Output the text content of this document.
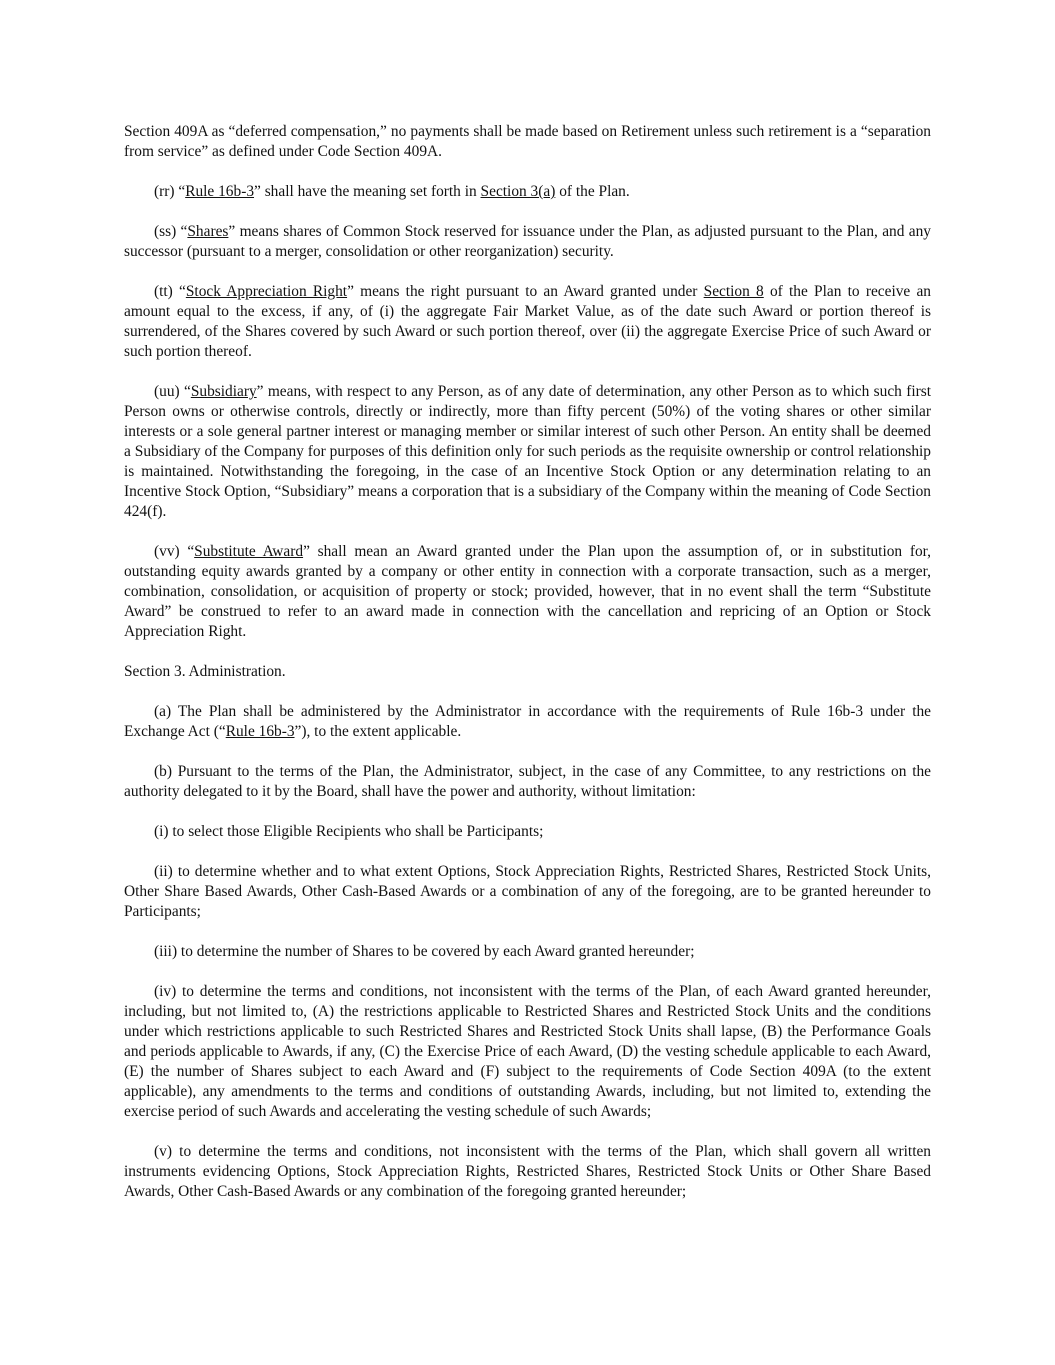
Section 409A as “deferred compensation,” no payments shall be made based on Retirement unless such retirement is a “separation from service” as defined under Code Section 409A.

(rr) “Rule 16b-3” shall have the meaning set forth in Section 3(a) of the Plan.

(ss) “Shares” means shares of Common Stock reserved for issuance under the Plan, as adjusted pursuant to the Plan, and any successor (pursuant to a merger, consolidation or other reorganization) security.

(tt) “Stock Appreciation Right” means the right pursuant to an Award granted under Section 8 of the Plan to receive an amount equal to the excess, if any, of (i) the aggregate Fair Market Value, as of the date such Award or portion thereof is surrendered, of the Shares covered by such Award or such portion thereof, over (ii) the aggregate Exercise Price of such Award or such portion thereof.

(uu) “Subsidiary” means, with respect to any Person, as of any date of determination, any other Person as to which such first Person owns or otherwise controls, directly or indirectly, more than fifty percent (50%) of the voting shares or other similar interests or a sole general partner interest or managing member or similar interest of such other Person. An entity shall be deemed a Subsidiary of the Company for purposes of this definition only for such periods as the requisite ownership or control relationship is maintained. Notwithstanding the foregoing, in the case of an Incentive Stock Option or any determination relating to an Incentive Stock Option, “Subsidiary” means a corporation that is a subsidiary of the Company within the meaning of Code Section 424(f).

(vv) “Substitute Award” shall mean an Award granted under the Plan upon the assumption of, or in substitution for, outstanding equity awards granted by a company or other entity in connection with a corporate transaction, such as a merger, combination, consolidation, or acquisition of property or stock; provided, however, that in no event shall the term “Substitute Award” be construed to refer to an award made in connection with the cancellation and repricing of an Option or Stock Appreciation Right.

Section 3. Administration.

(a) The Plan shall be administered by the Administrator in accordance with the requirements of Rule 16b-3 under the Exchange Act (“Rule 16b-3”), to the extent applicable.

(b) Pursuant to the terms of the Plan, the Administrator, subject, in the case of any Committee, to any restrictions on the authority delegated to it by the Board, shall have the power and authority, without limitation:

(i) to select those Eligible Recipients who shall be Participants;

(ii) to determine whether and to what extent Options, Stock Appreciation Rights, Restricted Shares, Restricted Stock Units, Other Share Based Awards, Other Cash-Based Awards or a combination of any of the foregoing, are to be granted hereunder to Participants;

(iii) to determine the number of Shares to be covered by each Award granted hereunder;

(iv) to determine the terms and conditions, not inconsistent with the terms of the Plan, of each Award granted hereunder, including, but not limited to, (A) the restrictions applicable to Restricted Shares and Restricted Stock Units and the conditions under which restrictions applicable to such Restricted Shares and Restricted Stock Units shall lapse, (B) the Performance Goals and periods applicable to Awards, if any, (C) the Exercise Price of each Award, (D) the vesting schedule applicable to each Award, (E) the number of Shares subject to each Award and (F) subject to the requirements of Code Section 409A (to the extent applicable), any amendments to the terms and conditions of outstanding Awards, including, but not limited to, extending the exercise period of such Awards and accelerating the vesting schedule of such Awards;

(v) to determine the terms and conditions, not inconsistent with the terms of the Plan, which shall govern all written instruments evidencing Options, Stock Appreciation Rights, Restricted Shares, Restricted Stock Units or Other Share Based Awards, Other Cash-Based Awards or any combination of the foregoing granted hereunder;
